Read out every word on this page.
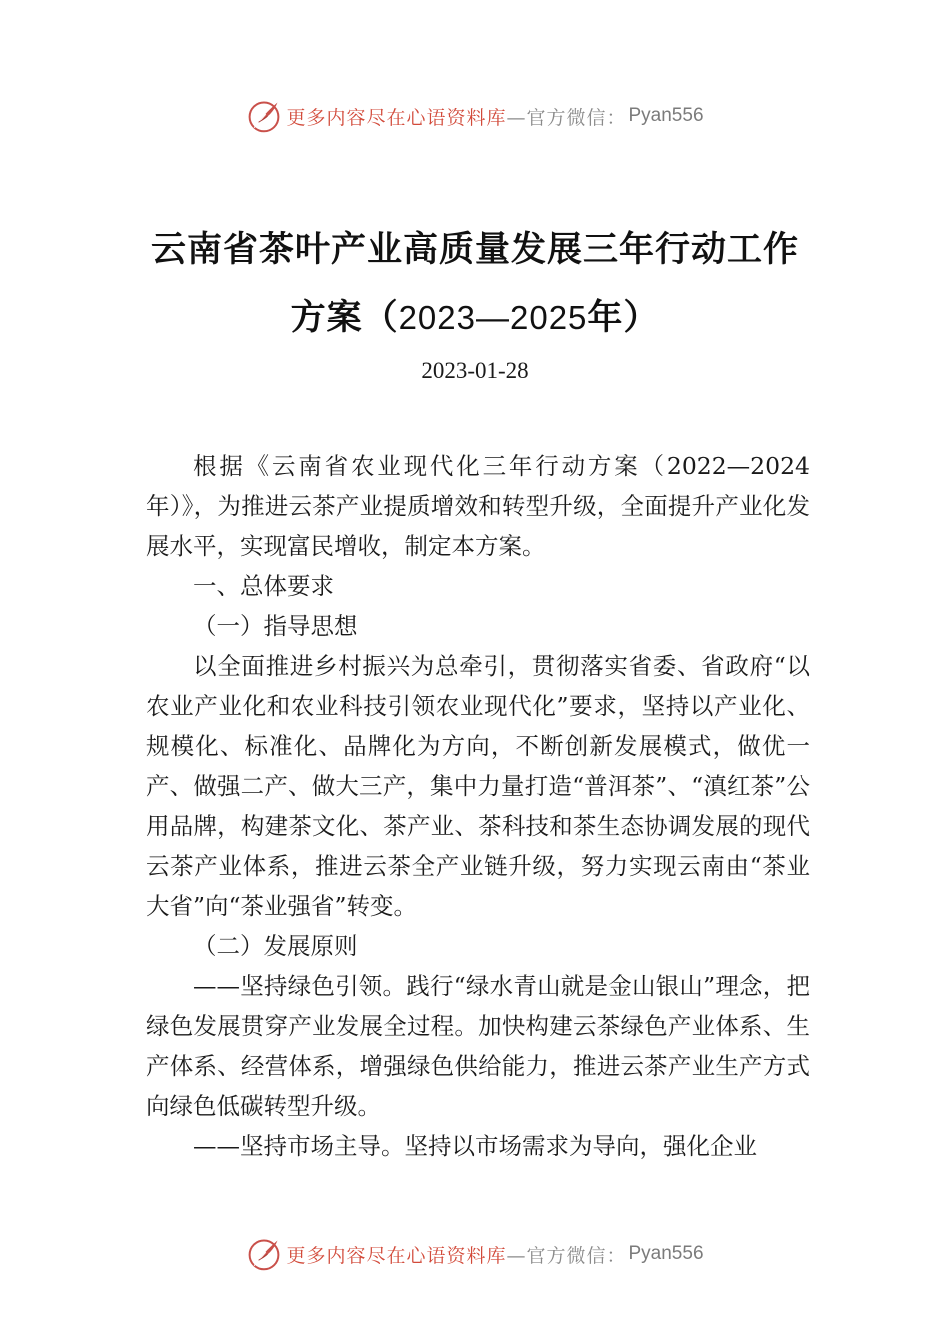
更多内容尽在心语资料库 —官方微信： Pyan556
云南省茶叶产业高质量发展三年行动工作
方案（2023—2025年）
2023-01-28

根据《云南省农业现代化三年行动方案（2022—2024年）》，为推进云茶产业提质增效和转型升级，全面提升产业化发展水平，实现富民增收，制定本方案。

一、总体要求

（一）指导思想

以全面推进乡村振兴为总牵引，贯彻落实省委、省政府“以农业产业化和农业科技引领农业现代化”要求，坚持以产业化、规模化、标准化、品牌化为方向，不断创新发展模式，做优一产、做强二产、做大三产，集中力量打造“普洱茶”、“滇红茶”公用品牌，构建茶文化、茶产业、茶科技和茶生态协调发展的现代云茶产业体系，推进云茶全产业链升级，努力实现云南由“茶业大省”向“茶业强省”转变。

（二）发展原则

——坚持绿色引领。践行“绿水青山就是金山银山”理念，把绿色发展贯穿产业发展全过程。加快构建云茶绿色产业体系、生产体系、经营体系，增强绿色供给能力，推进云茶产业生产方式向绿色低碳转型升级。

——坚持市场主导。坚持以市场需求为导向，强化企业

更多内容尽在心语资料库 —官方微信： Pyan556
